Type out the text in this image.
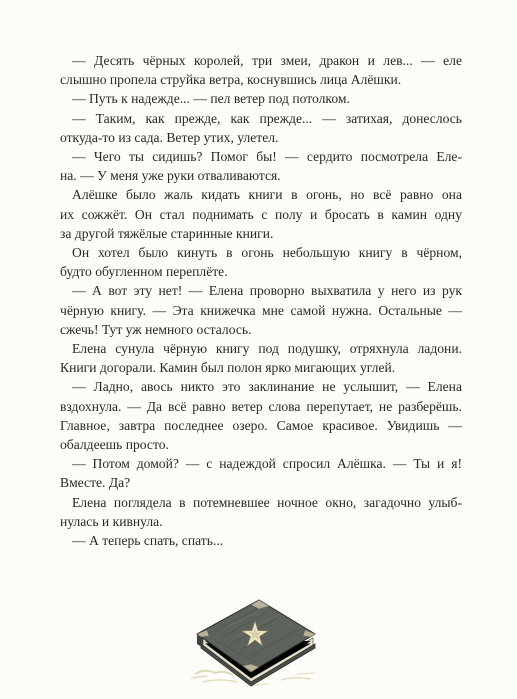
— Десять чёрных королей, три змеи, дракон и лев... — еле
слышно пропела струйка ветра, коснувшись лица Алёшки.
— Путь к надежде... — пел ветер под потолком.
— Таким, как прежде, как прежде... — затихая, донеслось
откуда-то из сада. Ветер утих, улетел.
— Чего ты сидишь? Помог бы! — сердито посмотрела Еле-
на. — У меня уже руки отваливаются.
Алёшке было жаль кидать книги в огонь, но всё равно она
их сожжёт. Он стал поднимать с полу и бросать в камин одну
за другой тяжёлые старинные книги.
Он хотел было кинуть в огонь небольшую книгу в чёрном,
будто обугленном переплёте.
— А вот эту нет! — Елена проворно выхватила у него из рук
чёрную книгу. — Эта книжечка мне самой нужна. Остальные —
сжечь! Тут уж немного осталось.
Елена сунула чёрную книгу под подушку, отряхнула ладони.
Книги догорали. Камин был полон ярко мигающих углей.
— Ладно, авось никто это заклинание не услышит, — Елена
вздохнула. — Да всё равно ветер слова перепутает, не разберёшь.
Главное, завтра последнее озеро. Самое красивое. Увидишь —
обалдеешь просто.
— Потом домой? — с надеждой спросил Алёшка. — Ты и я!
Вместе. Да?
Елена поглядела в потемневшее ночное окно, загадочно улыб-
нулась и кивнула.
— А теперь спать, спать...
